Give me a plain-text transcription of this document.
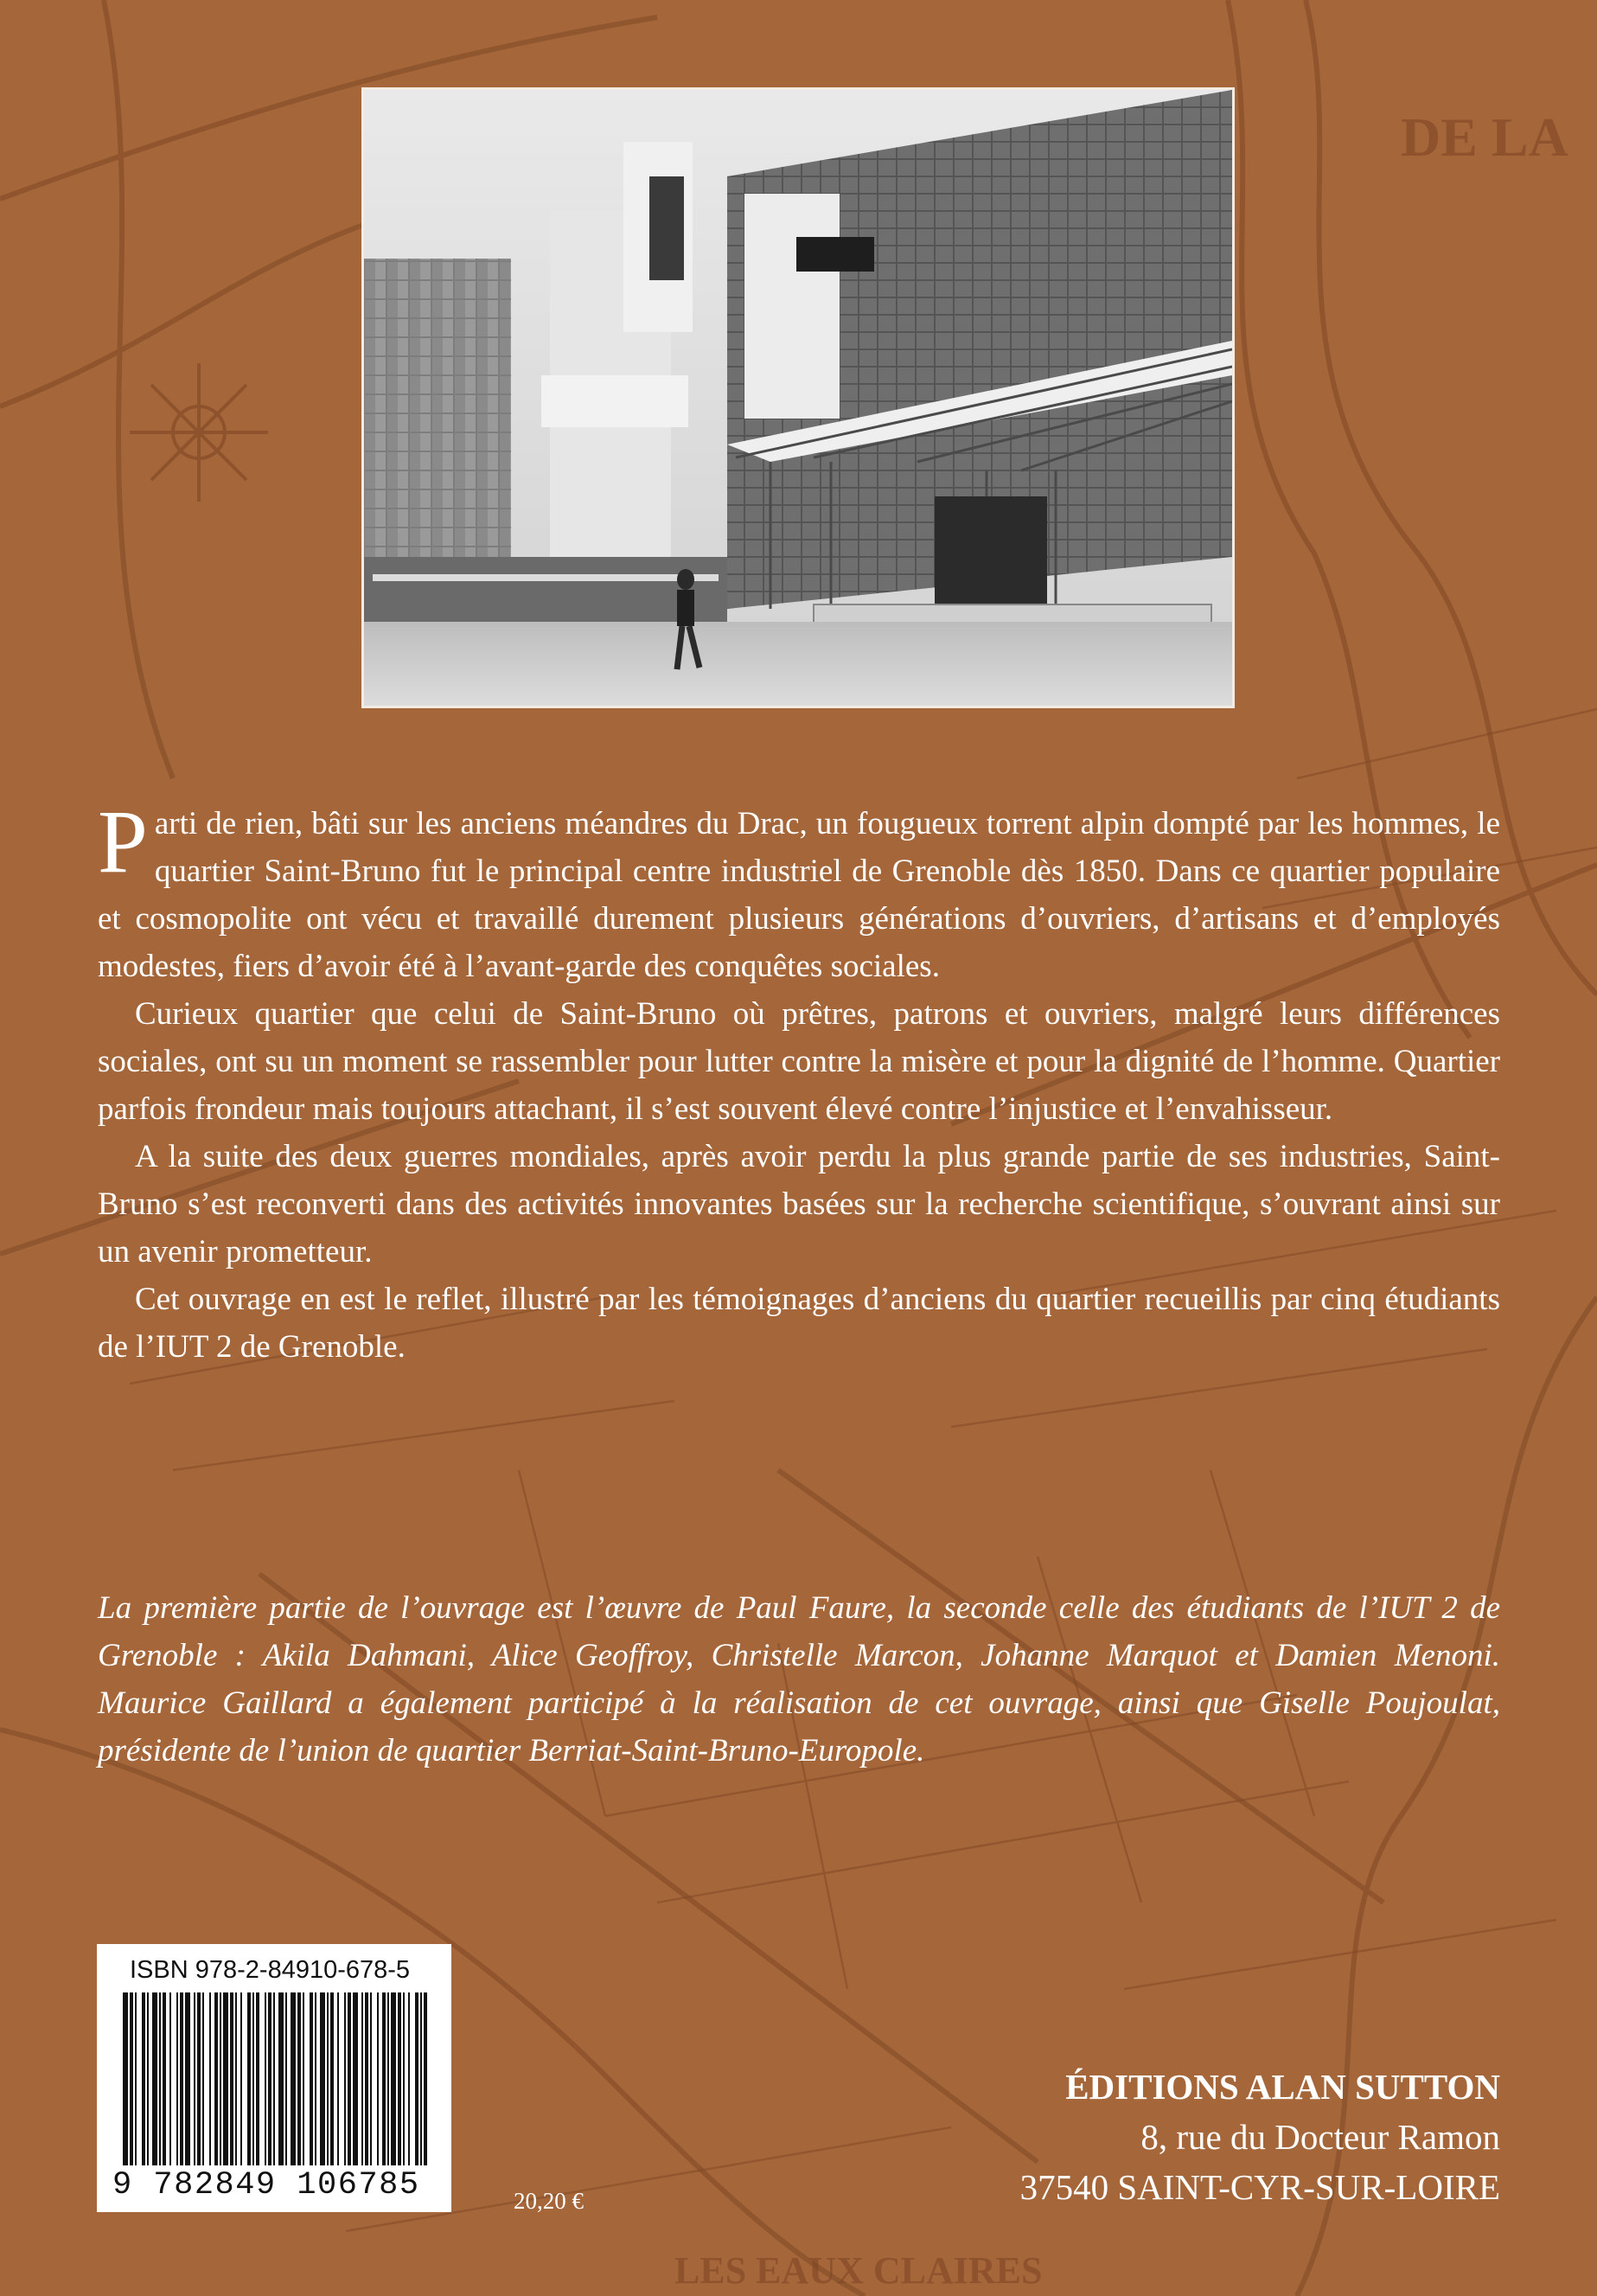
DE LA
LES EAUX CLAIRES

Parti de rien, bâti sur les anciens méandres du Drac, un fougueux torrent alpin dompté par les hommes, le quartier Saint-Bruno fut le principal centre industriel de Grenoble dès 1850. Dans ce quartier populaire et cosmopolite ont vécu et travaillé durement plusieurs générations d’ouvriers, d’artisans et d’employés modestes, fiers d’avoir été à l’avant-garde des conquêtes sociales.

Curieux quartier que celui de Saint-Bruno où prêtres, patrons et ouvriers, malgré leurs différences sociales, ont su un moment se rassembler pour lutter contre la misère et pour la dignité de l’homme. Quartier parfois frondeur mais toujours attachant, il s’est souvent élevé contre l’injustice et l’envahisseur.

A la suite des deux guerres mondiales, après avoir perdu la plus grande partie de ses industries, Saint-Bruno s’est reconverti dans des activités innovantes basées sur la recherche scientifique, s’ouvrant ainsi sur un avenir prometteur.

Cet ouvrage en est le reflet, illustré par les témoignages d’anciens du quartier recueillis par cinq étudiants de l’IUT 2 de Grenoble.

La première partie de l’ouvrage est l’œuvre de Paul Faure, la seconde celle des étudiants de l’IUT 2 de Grenoble : Akila Dahmani, Alice Geoffroy, Christelle Marcon, Johanne Marquot et Damien Menoni. Maurice Gaillard a également participé à la réalisation de cet ouvrage, ainsi que Giselle Poujoulat, présidente de l’union de quartier Berriat-Saint-Bruno-Europole.
ISBN 978-2-84910-678-5
9 782849 106785	20,20 €
ÉDITIONS ALAN SUTTON
8, rue du Docteur Ramon
37540 SAINT-CYR-SUR-LOIRE
